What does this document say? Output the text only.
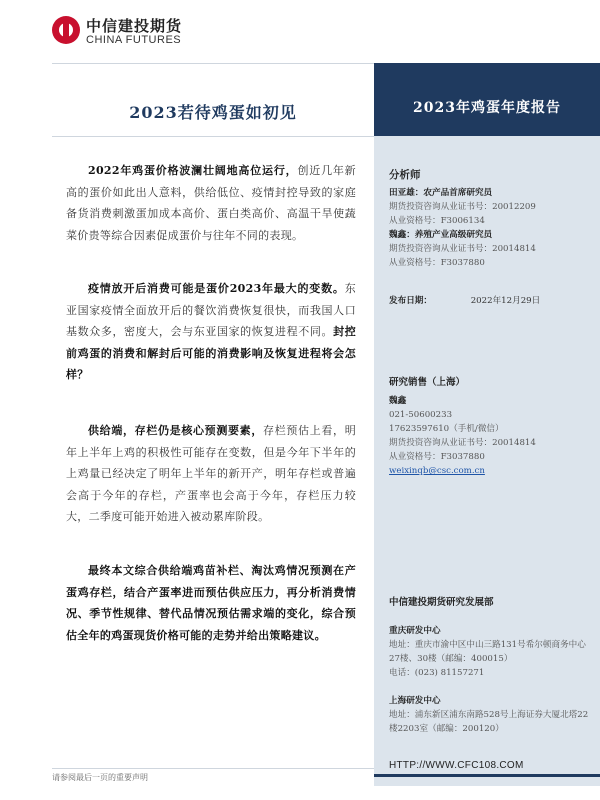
中信建投期货
CHINA FUTURES
2023年鸡蛋年度报告
2023若待鸡蛋如初见

2022年鸡蛋价格波澜壮阔地高位运行，创近几年新高的蛋价如此出人意料，供给低位、疫情封控导致的家庭备货消费刺激蛋加成本高价、蛋白类高价、高温干旱使蔬菜价贵等综合因素促成蛋价与往年不同的表现。

疫情放开后消费可能是蛋价2023年最大的变数。东亚国家疫情全面放开后的餐饮消费恢复很快，而我国人口基数众多，密度大，会与东亚国家的恢复进程不同。封控前鸡蛋的消费和解封后可能的消费影响及恢复进程将会怎样？

供给端，存栏仍是核心预测要素，存栏预估上看，明年上半年上鸡的积极性可能存在变数，但是今年下半年的上鸡量已经决定了明年上半年的新开产，明年存栏或普遍会高于今年的存栏，产蛋率也会高于今年，存栏压力较大，二季度可能开始进入被动累库阶段。

最终本文综合供给端鸡苗补栏、淘汰鸡情况预测在产蛋鸡存栏，结合产蛋率进而预估供应压力，再分析消费情况、季节性规律、替代品情况预估需求端的变化，综合预估全年的鸡蛋现货价格可能的走势并给出策略建议。

分析师
田亚雄：农产品首席研究员
期货投资咨询从业证书号：20012209
从业资格号：F3006134
魏鑫：养殖产业高级研究员
期货投资咨询从业证书号：20014814
从业资格号：F3037880
发布日期：	2022年12月29日
研究销售（上海）
魏鑫
021-50600233
17623597610（手机/微信）
期货投资咨询从业证书号：20014814
从业资格号：F3037880
weixinqb@csc.com.cn
中信建投期货研究发展部
重庆研发中心
地址：重庆市渝中区中山三路131号希尔顿商务中心27楼、30楼（邮编：400015）
电话：(023) 81157271
上海研发中心
地址：浦东新区浦东南路528号上海证券大厦北塔22楼2203室（邮编：200120）
请参阅最后一页的重要声明
HTTP://WWW.CFC108.COM
